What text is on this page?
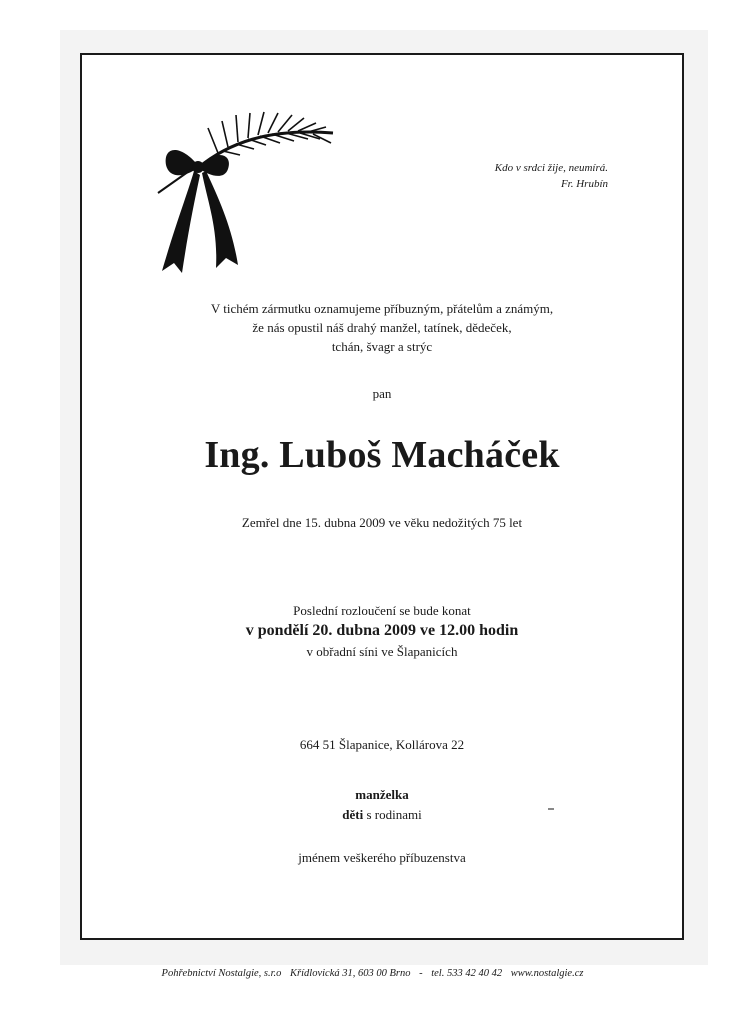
Kdo v srdci žije, neumírá.
Fr. Hrubín
V tichém zármutku oznamujeme příbuzným, přátelům a známým,
že nás opustil náš drahý manžel, tatínek, dědeček,
tchán, švagr a strýc
pan
Ing. Luboš Macháček
Zemřel dne 15. dubna 2009 ve věku nedožitých 75 let
Poslední rozloučení se bude konat
v pondělí 20. dubna 2009 ve 12.00 hodin
v obřadní síni ve Šlapanicích
664 51 Šlapanice, Kollárova 22
manželka
děti s rodinami
jménem veškerého příbuzenstva
Pohřebnictví Nostalgie, s.r.o Křídlovická 31, 603 00 Brno - tel. 533 42 40 42 www.nostalgie.cz
